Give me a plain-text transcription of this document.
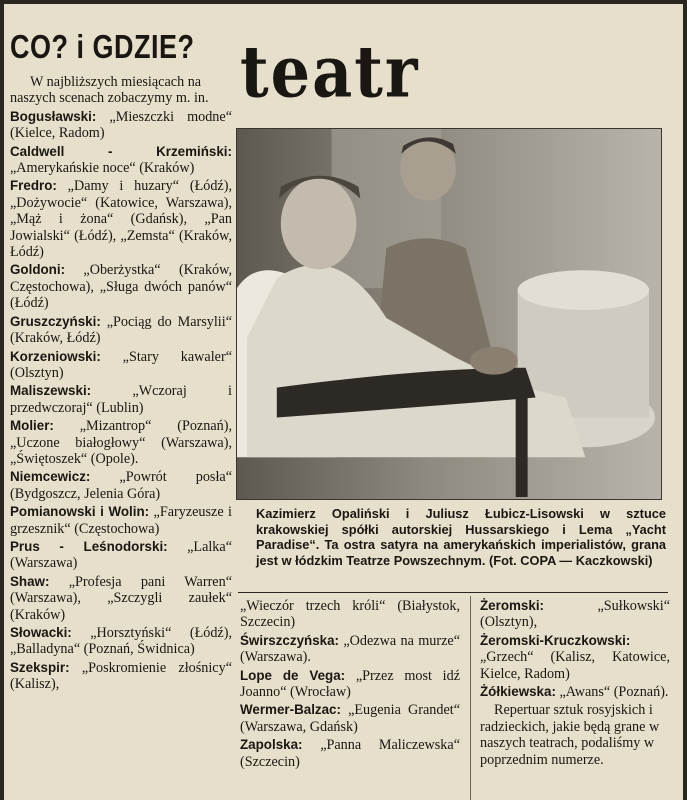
CO? i GDZIE? teatr

W najbliższych miesiącach na naszych scenach zobaczymy m. in.

Bogusławski: „Mieszczki modne“ (Kielce, Radom)

Caldwell - Krzemiński: „Amerykańskie noce“ (Kraków)

Fredro: „Damy i huzary“ (Łódź), „Dożywocie“ (Katowice, Warszawa), „Mąż i żona“ (Gdańsk), „Pan Jowialski“ (Łódź), „Zemsta“ (Kraków, Łódź)

Goldoni: „Oberżystka“ (Kraków, Częstochowa), „Sługa dwóch panów“ (Łódź)

Gruszczyński: „Pociąg do Marsylii“ (Kraków, Łódź)

Korzeniowski: „Stary kawaler“ (Olsztyn)

Maliszewski: „Wczoraj i przedwczoraj“ (Lublin)

Molier: „Mizantrop“ (Poznań), „Uczone białogłowy“ (Warszawa), „Świętoszek“ (Opole).

Niemcewicz: „Powrót posła“ (Bydgoszcz, Jelenia Góra)

Pomianowski i Wolin: „Faryzeusze i grzesznik“ (Częstochowa)

Prus - Leśnodorski: „Lalka“ (Warszawa)

Shaw: „Profesja pani Warren“ (Warszawa), „Szczygli zaułek“ (Kraków)

Słowacki: „Horsztyński“ (Łódź), „Balladyna“ (Poznań, Świdnica)

Szekspir: „Poskromienie złośnicy“ (Kalisz),

Kazimierz Opaliński i Juliusz Łubicz-Lisowski w sztuce krakowskiej spółki autorskiej Hussarskiego i Lema „Yacht Paradise“. Ta ostra satyra na amerykańskich imperialistów, grana jest w łódzkim Teatrze Powszechnym. (Fot. COPA — Kaczkowski)

„Wieczór trzech króli“ (Białystok, Szczecin)

Świrszczyńska: „Odezwa na murze“ (Warszawa).

Lope de Vega: „Przez most idź Joanno“ (Wrocław)

Wermer-Balzac: „Eugenia Grandet“ (Warszawa, Gdańsk)

Zapolska: „Panna Maliczewska“ (Szczecin)

Żeromski: „Sułkowski“ (Olsztyn),

Żeromski-Kruczkowski: „Grzech“ (Kalisz, Katowice, Kielce, Radom)

Żółkiewska: „Awans“ (Poznań).

Repertuar sztuk rosyjskich i radzieckich, jakie będą grane w naszych teatrach, podaliśmy w poprzednim numerze.
